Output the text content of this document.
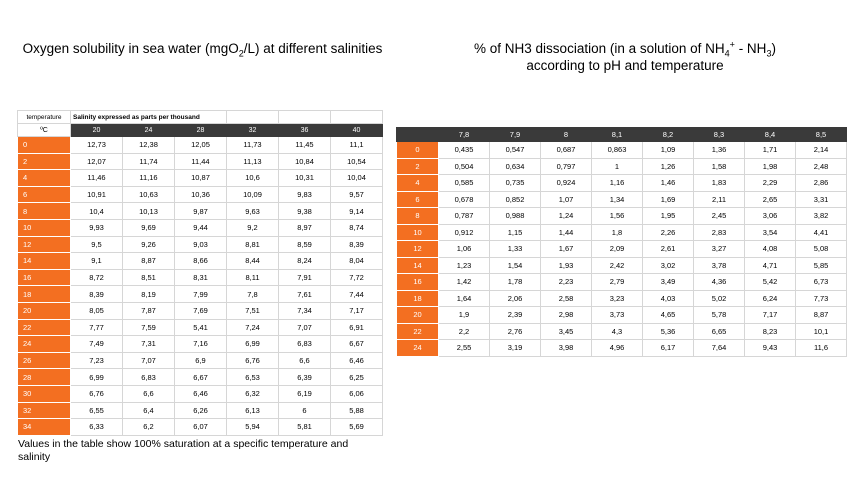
Oxygen solubility in sea water (mgO$_2$/L) at different salinities	% of NH3 dissociation (in a solution of $NH_4^+ - NH_3$)
according to pH and temperature
temperature	Salinity expressed as parts per thousand					
ºC	20	24	28	32	36	40
0	12,73	12,38	12,05	11,73	11,45	11,1
2	12,07	11,74	11,44	11,13	10,84	10,54
4	11,46	11,16	10,87	10,6	10,31	10,04
6	10,91	10,63	10,36	10,09	9,83	9,57
8	10,4	10,13	9,87	9,63	9,38	9,14
10	9,93	9,69	9,44	9,2	8,97	8,74
12	9,5	9,26	9,03	8,81	8,59	8,39
14	9,1	8,87	8,66	8,44	8,24	8,04
16	8,72	8,51	8,31	8,11	7,91	7,72
18	8,39	8,19	7,99	7,8	7,61	7,44
20	8,05	7,87	7,69	7,51	7,34	7,17
22	7,77	7,59	5,41	7,24	7,07	6,91
24	7,49	7,31	7,16	6,99	6,83	6,67
26	7,23	7,07	6,9	6,76	6,6	6,46
28	6,99	6,83	6,67	6,53	6,39	6,25
30	6,76	6,6	6,46	6,32	6,19	6,06
32	6,55	6,4	6,26	6,13	6	5,88
34	6,33	6,2	6,07	5,94	5,81	5,69
	7,8	7,9	8	8,1	8,2	8,3	8,4	8,5
0	0,435	0,547	0,687	0,863	1,09	1,36	1,71	2,14
2	0,504	0,634	0,797	1	1,26	1,58	1,98	2,48
4	0,585	0,735	0,924	1,16	1,46	1,83	2,29	2,86
6	0,678	0,852	1,07	1,34	1,69	2,11	2,65	3,31
8	0,787	0,988	1,24	1,56	1,95	2,45	3,06	3,82
10	0,912	1,15	1,44	1,8	2,26	2,83	3,54	4,41
12	1,06	1,33	1,67	2,09	2,61	3,27	4,08	5,08
14	1,23	1,54	1,93	2,42	3,02	3,78	4,71	5,85
16	1,42	1,78	2,23	2,79	3,49	4,36	5,42	6,73
18	1,64	2,06	2,58	3,23	4,03	5,02	6,24	7,73
20	1,9	2,39	2,98	3,73	4,65	5,78	7,17	8,87
22	2,2	2,76	3,45	4,3	5,36	6,65	8,23	10,1
24	2,55	3,19	3,98	4,96	6,17	7,64	9,43	11,6
Values in the table show 100% saturation at a specific temperature and salinity
